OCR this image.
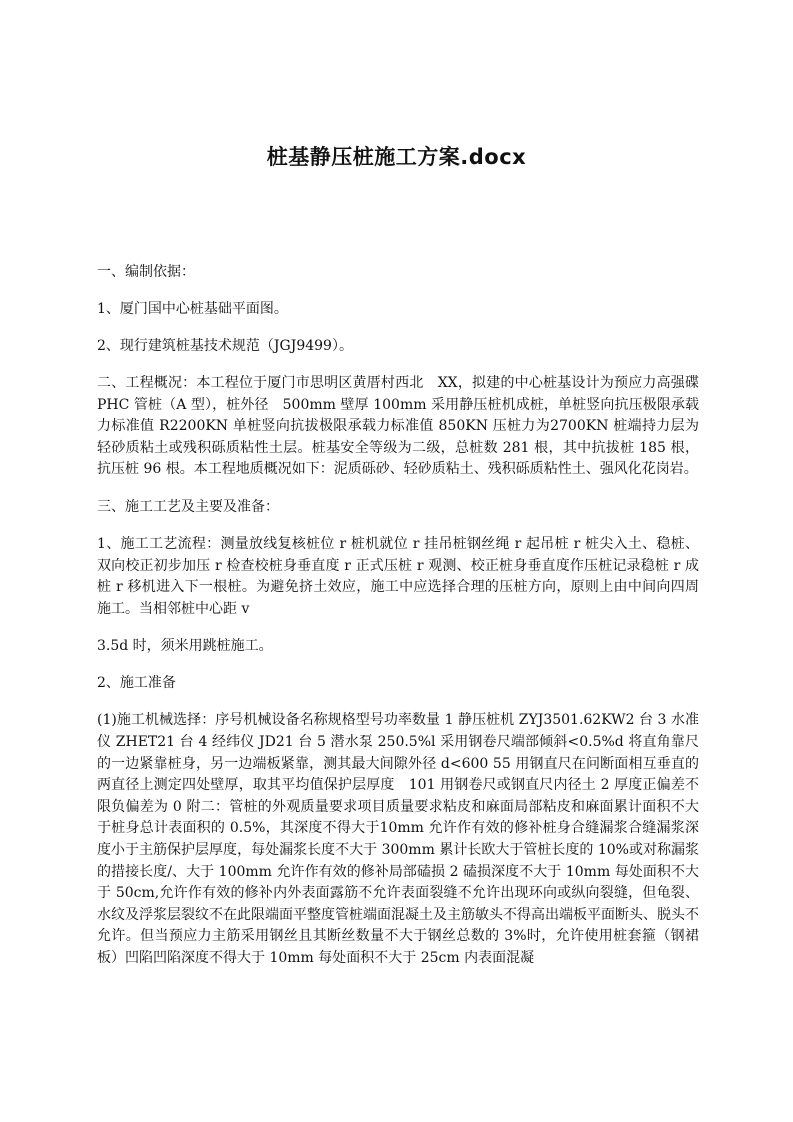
桩基静压桩施工方案.docx

一、编制依据：

1、厦门国中心桩基础平面图。

2、现行建筑桩基技术规范（JGJ9499）。

二、工程概况：本工程位于厦门市思明区黄厝村西北　XX，拟建的中心桩基设计为预应力高强碟 PHC 管桩（A 型），桩外径　500mm 壁厚 100mm 采用静压桩机成桩，单桩竖向抗压极限承载力标准值 R2200KN 单桩竖向抗拔极限承载力标准值 850KN 压桩力为2700KN 桩端持力层为轻砂质粘土或残积砾质粘性土层。桩基安全等级为二级，总桩数 281 根，其中抗拔桩 185 根，抗压桩 96 根。本工程地质概况如下：泥质砾砂、轻砂质粘土、残积砾质粘性土、强风化花岗岩。

三、施工工艺及主要及准备：

1、施工工艺流程：测量放线复核桩位 r 桩机就位 r 挂吊桩钢丝绳 r 起吊桩 r 桩尖入土、稳桩、双向校正初步加压 r 检查校桩身垂直度 r 正式压桩 r 观测、校正桩身垂直度作压桩记录稳桩 r 成桩 r 移机进入下一根桩。为避免挤土效应，施工中应选择合理的压桩方向，原则上由中间向四周施工。当相邻桩中心距 v

3.5d 时，须米用跳桩施工。

2、施工准备

(1)施工机械选择：序号机械设备名称规格型号功率数量 1 静压桩机 ZYJ3501.62KW2 台 3 水准仪 ZHET21 台 4 经纬仪 JD21 台 5 潜水泵 250.5%l 采用钢卷尺端部倾斜<0.5%d 将直角靠尺的一边紧靠桩身，另一边端板紧靠，测其最大间隙外径 d<600 55 用钢直尺在问断面相互垂直的两直径上测定四处壁厚，取其平均值保护层厚度　101 用钢卷尺或钢直尺内径土 2 厚度正偏差不限负偏差为 0 附二：管桩的外观质量要求项目质量要求粘皮和麻面局部粘皮和麻面累计面积不大于桩身总计表面积的 0.5%，其深度不得大于10mm 允许作有效的修补桩身合缝漏浆合缝漏浆深度小于主筋保护层厚度，每处漏浆长度不大于 300mm 累计长欧大于管桩长度的 10%或对称漏浆的措接长度/、大于 100mm 允许作有效的修补局部磕损 2 磕损深度不大于 10mm 每处面积不大于 50cm,允许作有效的修补内外表面露筋不允许表面裂缝不允许出现环向或纵向裂缝，但龟裂、水纹及浮浆层裂纹不在此限端面平整度管桩端面混凝土及主筋敏头不得高出端板平面断头、脱头不允许。但当预应力主筋采用钢丝且其断丝数量不大于钢丝总数的 3%时，允许使用桩套箍（钢裙板）凹陷凹陷深度不得大于 10mm 每处面积不大于 25cm 内表面混凝
